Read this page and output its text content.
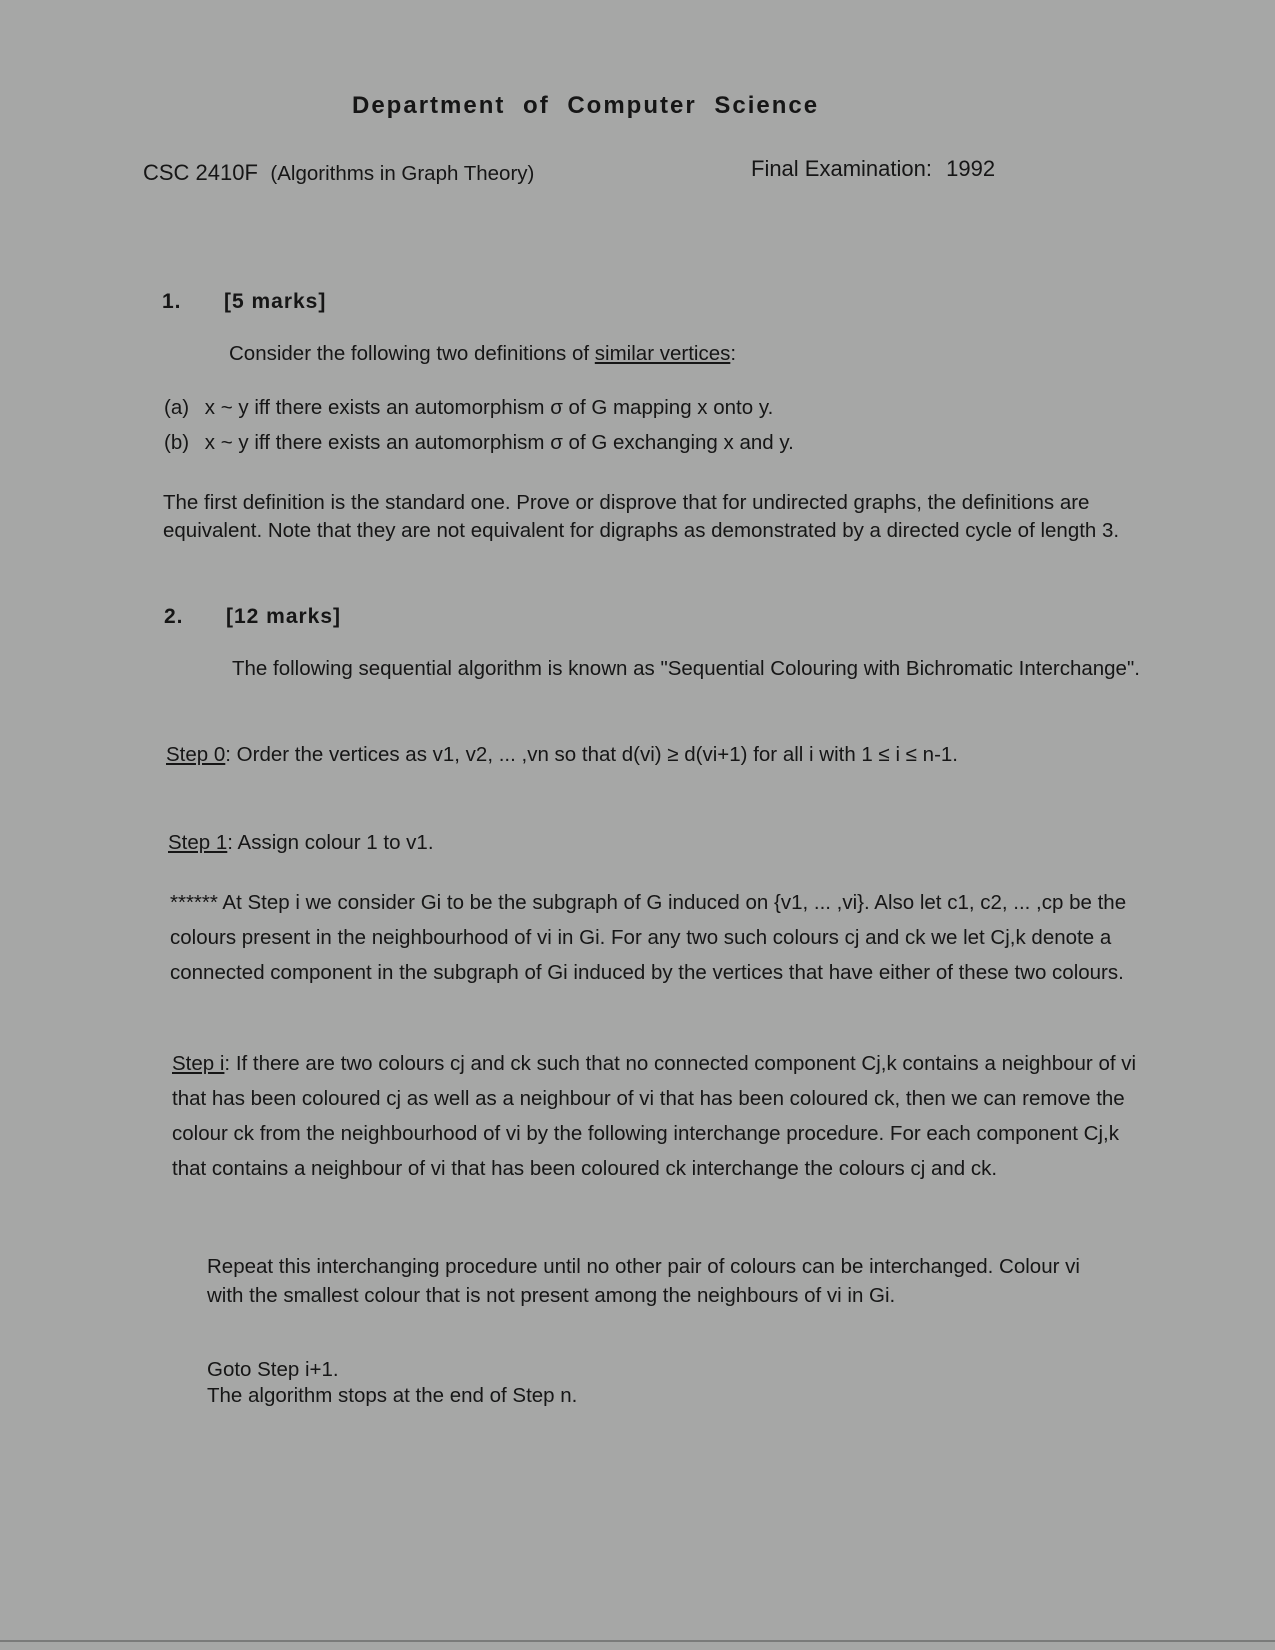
Department of Computer Science
CSC 2410F (Algorithms in Graph Theory)	Final Examination: 1992
1. [5 marks]
Consider the following two definitions of similar vertices:
(a) x ~ y iff there exists an automorphism σ of G mapping x onto y.
(b) x ~ y iff there exists an automorphism σ of G exchanging x and y.
The first definition is the standard one. Prove or disprove that for undirected graphs, the definitions are equivalent. Note that they are not equivalent for digraphs as demonstrated by a directed cycle of length 3.
2. [12 marks]
The following sequential algorithm is known as "Sequential Colouring with Bichromatic Interchange".
Step 0: Order the vertices as v1, v2, ... ,vn so that d(vi) ≥ d(vi+1) for all i with 1 ≤ i ≤ n-1.
Step 1: Assign colour 1 to v1.
****** At Step i we consider Gi to be the subgraph of G induced on {v1, ... ,vi}. Also let c1, c2, ... ,cp be the colours present in the neighbourhood of vi in Gi. For any two such colours cj and ck we let Cj,k denote a connected component in the subgraph of Gi induced by the vertices that have either of these two colours.
Step i: If there are two colours cj and ck such that no connected component Cj,k contains a neighbour of vi that has been coloured cj as well as a neighbour of vi that has been coloured ck, then we can remove the colour ck from the neighbourhood of vi by the following interchange procedure. For each component Cj,k that contains a neighbour of vi that has been coloured ck interchange the colours cj and ck.
Repeat this interchanging procedure until no other pair of colours can be interchanged. Colour vi with the smallest colour that is not present among the neighbours of vi in Gi.
Goto Step i+1.
The algorithm stops at the end of Step n.
